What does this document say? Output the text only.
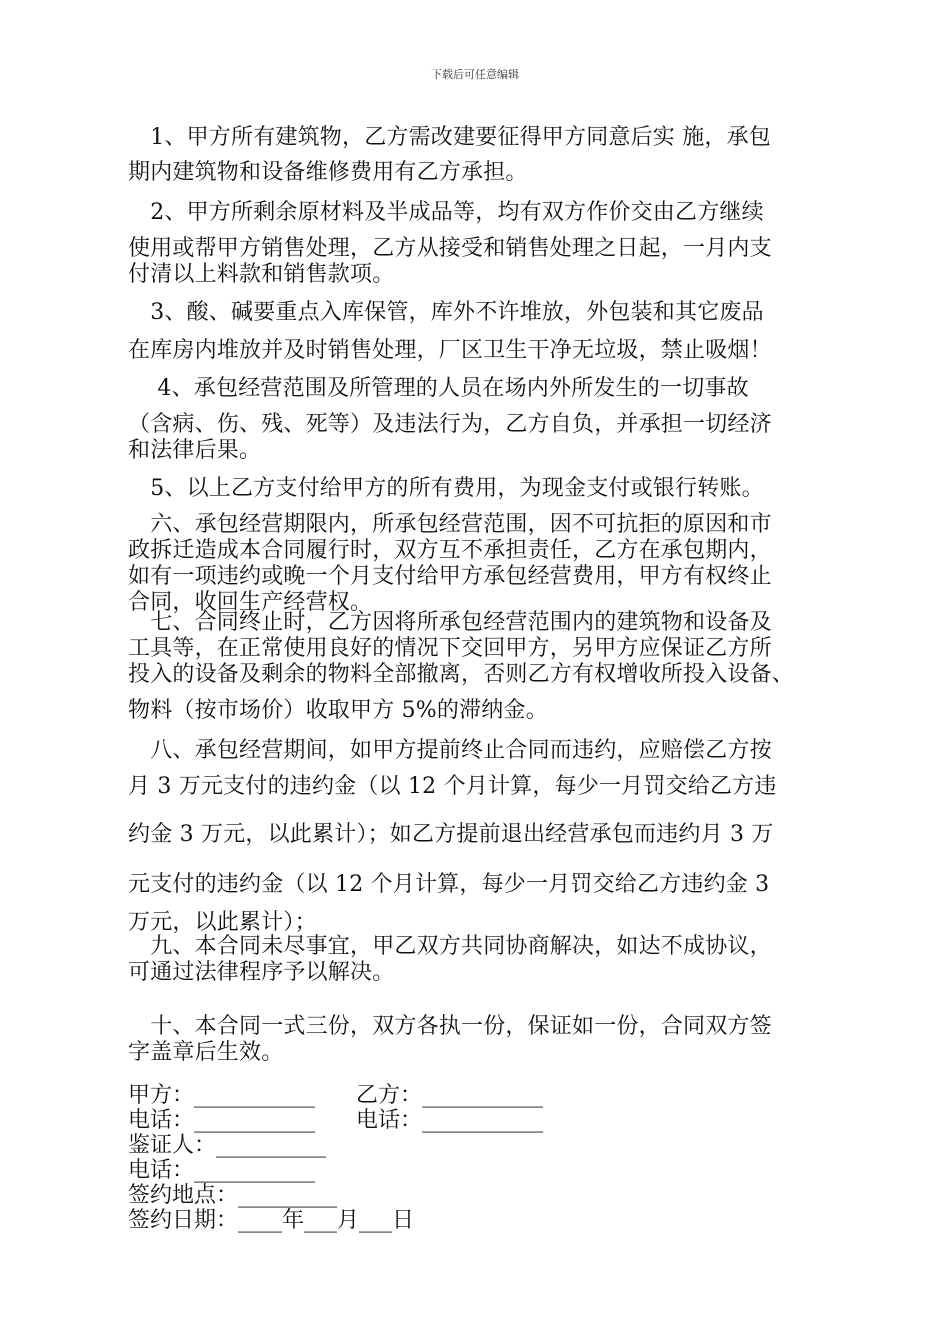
下载后可任意编辑
　1、甲方所有建筑物，乙方需改建要征得甲方同意后实 施，承包
期内建筑物和设备维修费用有乙方承担。
　2、甲方所剩余原材料及半成品等，均有双方作价交由乙方继续
使用或帮甲方销售处理，乙方从接受和销售处理之日起，一月内支
付清以上料款和销售款项。
　3、酸、碱要重点入库保管，库外不许堆放，外包装和其它废品
在库房内堆放并及时销售处理，厂区卫生干净无垃圾，禁止吸烟！
　 4、承包经营范围及所管理的人员在场内外所发生的一切事故
（含病、伤、残、死等）及违法行为，乙方自负，并承担一切经济
和法律后果。
　5、以上乙方支付给甲方的所有费用，为现金支付或银行转账。
　六、承包经营期限内，所承包经营范围，因不可抗拒的原因和市
政拆迁造成本合同履行时，双方互不承担责任，乙方在承包期内，
如有一项违约或晚一个月支付给甲方承包经营费用，甲方有权终止
合同，收回生产经营权。
　七、合同终止时，乙方因将所承包经营范围内的建筑物和设备及
工具等，在正常使用良好的情况下交回甲方，另甲方应保证乙方所
投入的设备及剩余的物料全部撤离，否则乙方有权增收所投入设备、
物料（按市场价）收取甲方 5%的滞纳金。
　八、承包经营期间，如甲方提前终止合同而违约，应赔偿乙方按
月 3 万元支付的违约金（以 12 个月计算，每少一月罚交给乙方违
约金 3 万元，以此累计）；如乙方提前退出经营承包而违约月 3 万
元支付的违约金（以 12 个月计算，每少一月罚交给乙方违约金 3
万元，以此累计）；
　九、本合同未尽事宜，甲乙双方共同协商解决，如达不成协议，
可通过法律程序予以解决。
　十、本合同一式三份，双方各执一份，保证如一份，合同双方签
字盖章后生效。
甲方：___________ 乙方：___________
电话：___________ 电话：___________
鉴证人：__________
电话：___________
签约地点：_________
签约日期：____年___月___日
